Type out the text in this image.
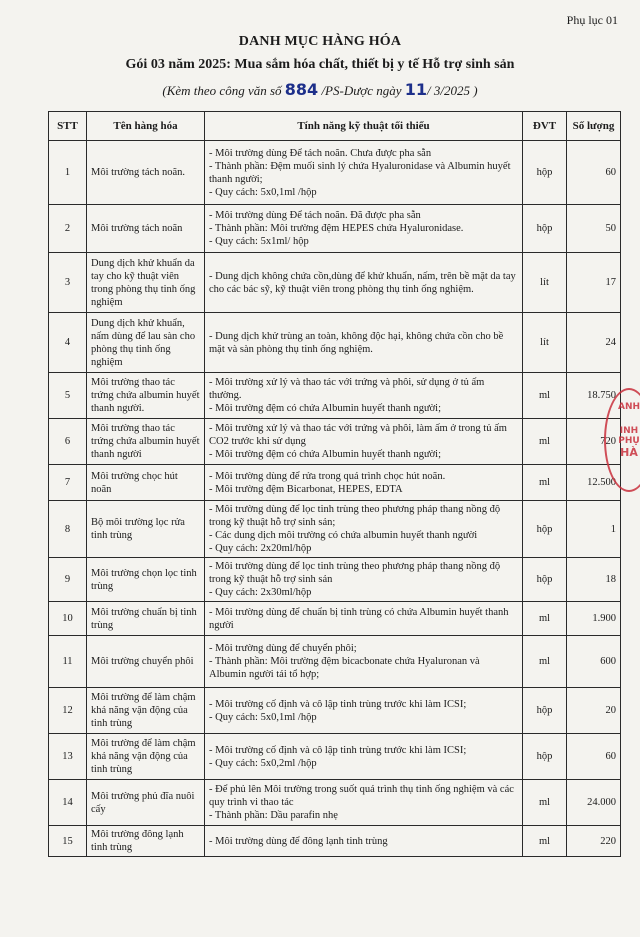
Phụ lục 01
DANH MỤC HÀNG HÓA
Gói 03 năm 2025: Mua sắm hóa chất, thiết bị y tế Hỗ trợ sinh sản
(Kèm theo công văn số 884 /PS-Dược ngày 11/ 3/2025 )
STT	Tên hàng hóa	Tính năng kỹ thuật tối thiểu	ĐVT	Số lượng
1	Môi trường tách noãn.	- Môi trường dùng Để tách noãn. Chưa được pha sẵn
- Thành phần: Đệm muối sinh lý chứa Hyaluronidase và Albumin huyết thanh người;
- Quy cách: 5x0,1ml /hộp	hộp	60
2	Môi trường tách noãn	- Môi trường dùng Để tách noãn. Đã được pha sẵn
- Thành phần: Môi trường đệm HEPES chứa Hyaluronidase.
- Quy cách: 5x1ml/ hộp	hộp	50
3	Dung dịch khử khuẩn da tay cho kỹ thuật viên trong phòng thụ tinh ống nghiệm	- Dung dịch không chứa cồn,dùng để khử khuẩn, nấm, trên bề mặt da tay cho các bác sỹ, kỹ thuật viên trong phòng thụ tinh ống nghiệm.	lít	17
4	Dung dịch khử khuẩn, nấm dùng để lau sàn cho phòng thụ tinh ống nghiệm	- Dung dịch khử trùng an toàn, không độc hại, không chứa cồn cho bề mặt và sàn phòng thụ tinh ống nghiệm.	lít	24
5	Môi trường thao tác trứng chứa albumin huyết thanh người.	- Môi trường xử lý và thao tác với trứng và phôi, sử dụng ở tủ ấm thường.
- Môi trường đệm có chứa Albumin huyết thanh người;	ml	18.750
6	Môi trường thao tác trứng chứa albumin huyết thanh người	- Môi trường xử lý và thao tác với trứng và phôi, làm ấm ở trong tủ ấm CO2 trước khi sử dụng
- Môi trường đệm có chứa Albumin huyết thanh người;	ml	720
7	Môi trường chọc hút noãn	- Môi trường dùng để rửa trong quá trình chọc hút noãn.
- Môi trường đệm Bicarbonat, HEPES, EDTA	ml	12.500
8	Bộ môi trường lọc rửa tinh trùng	- Môi trường dùng để lọc tinh trùng theo phương pháp thang nồng độ trong kỹ thuật hỗ trợ sinh sản;
- Các dung dịch môi trường có chứa albumin huyết thanh người
- Quy cách: 2x20ml/hộp	hộp	1
9	Môi trường chọn lọc tinh trùng	- Môi trường dùng để lọc tinh trùng theo phương pháp thang nồng độ trong kỹ thuật hỗ trợ sinh sản
- Quy cách: 2x30ml/hộp	hộp	18
10	Môi trường chuẩn bị tinh trùng	- Môi trường dùng để chuẩn bị tinh trùng có chứa Albumin huyết thanh người	ml	1.900
11	Môi trường chuyển phôi	- Môi trường dùng để chuyển phôi;
- Thành phần: Môi trường đệm bicacbonate chứa Hyaluronan và Albumin người tái tổ hợp;	ml	600
12	Môi trường để làm chậm khả năng vận động của tinh trùng	- Môi trường cố định và cô lập tinh trùng trước khi làm ICSI;
- Quy cách: 5x0,1ml /hộp	hộp	20
13	Môi trường để làm chậm khả năng vận động của tinh trùng	- Môi trường cố định và cô lập tinh trùng trước khi làm ICSI;
- Quy cách: 5x0,2ml /hộp	hộp	60
14	Môi trường phủ đĩa nuôi cấy	- Để phủ lên Môi trường trong suốt quá trình thụ tinh ống nghiệm và các quy trình vi thao tác
- Thành phần: Dầu parafin nhẹ	ml	24.000
15	Môi trường đông lạnh tinh trùng	- Môi trường dùng để đông lạnh tinh trùng	ml	220
ANH
INH
PHỤ
HÀ
